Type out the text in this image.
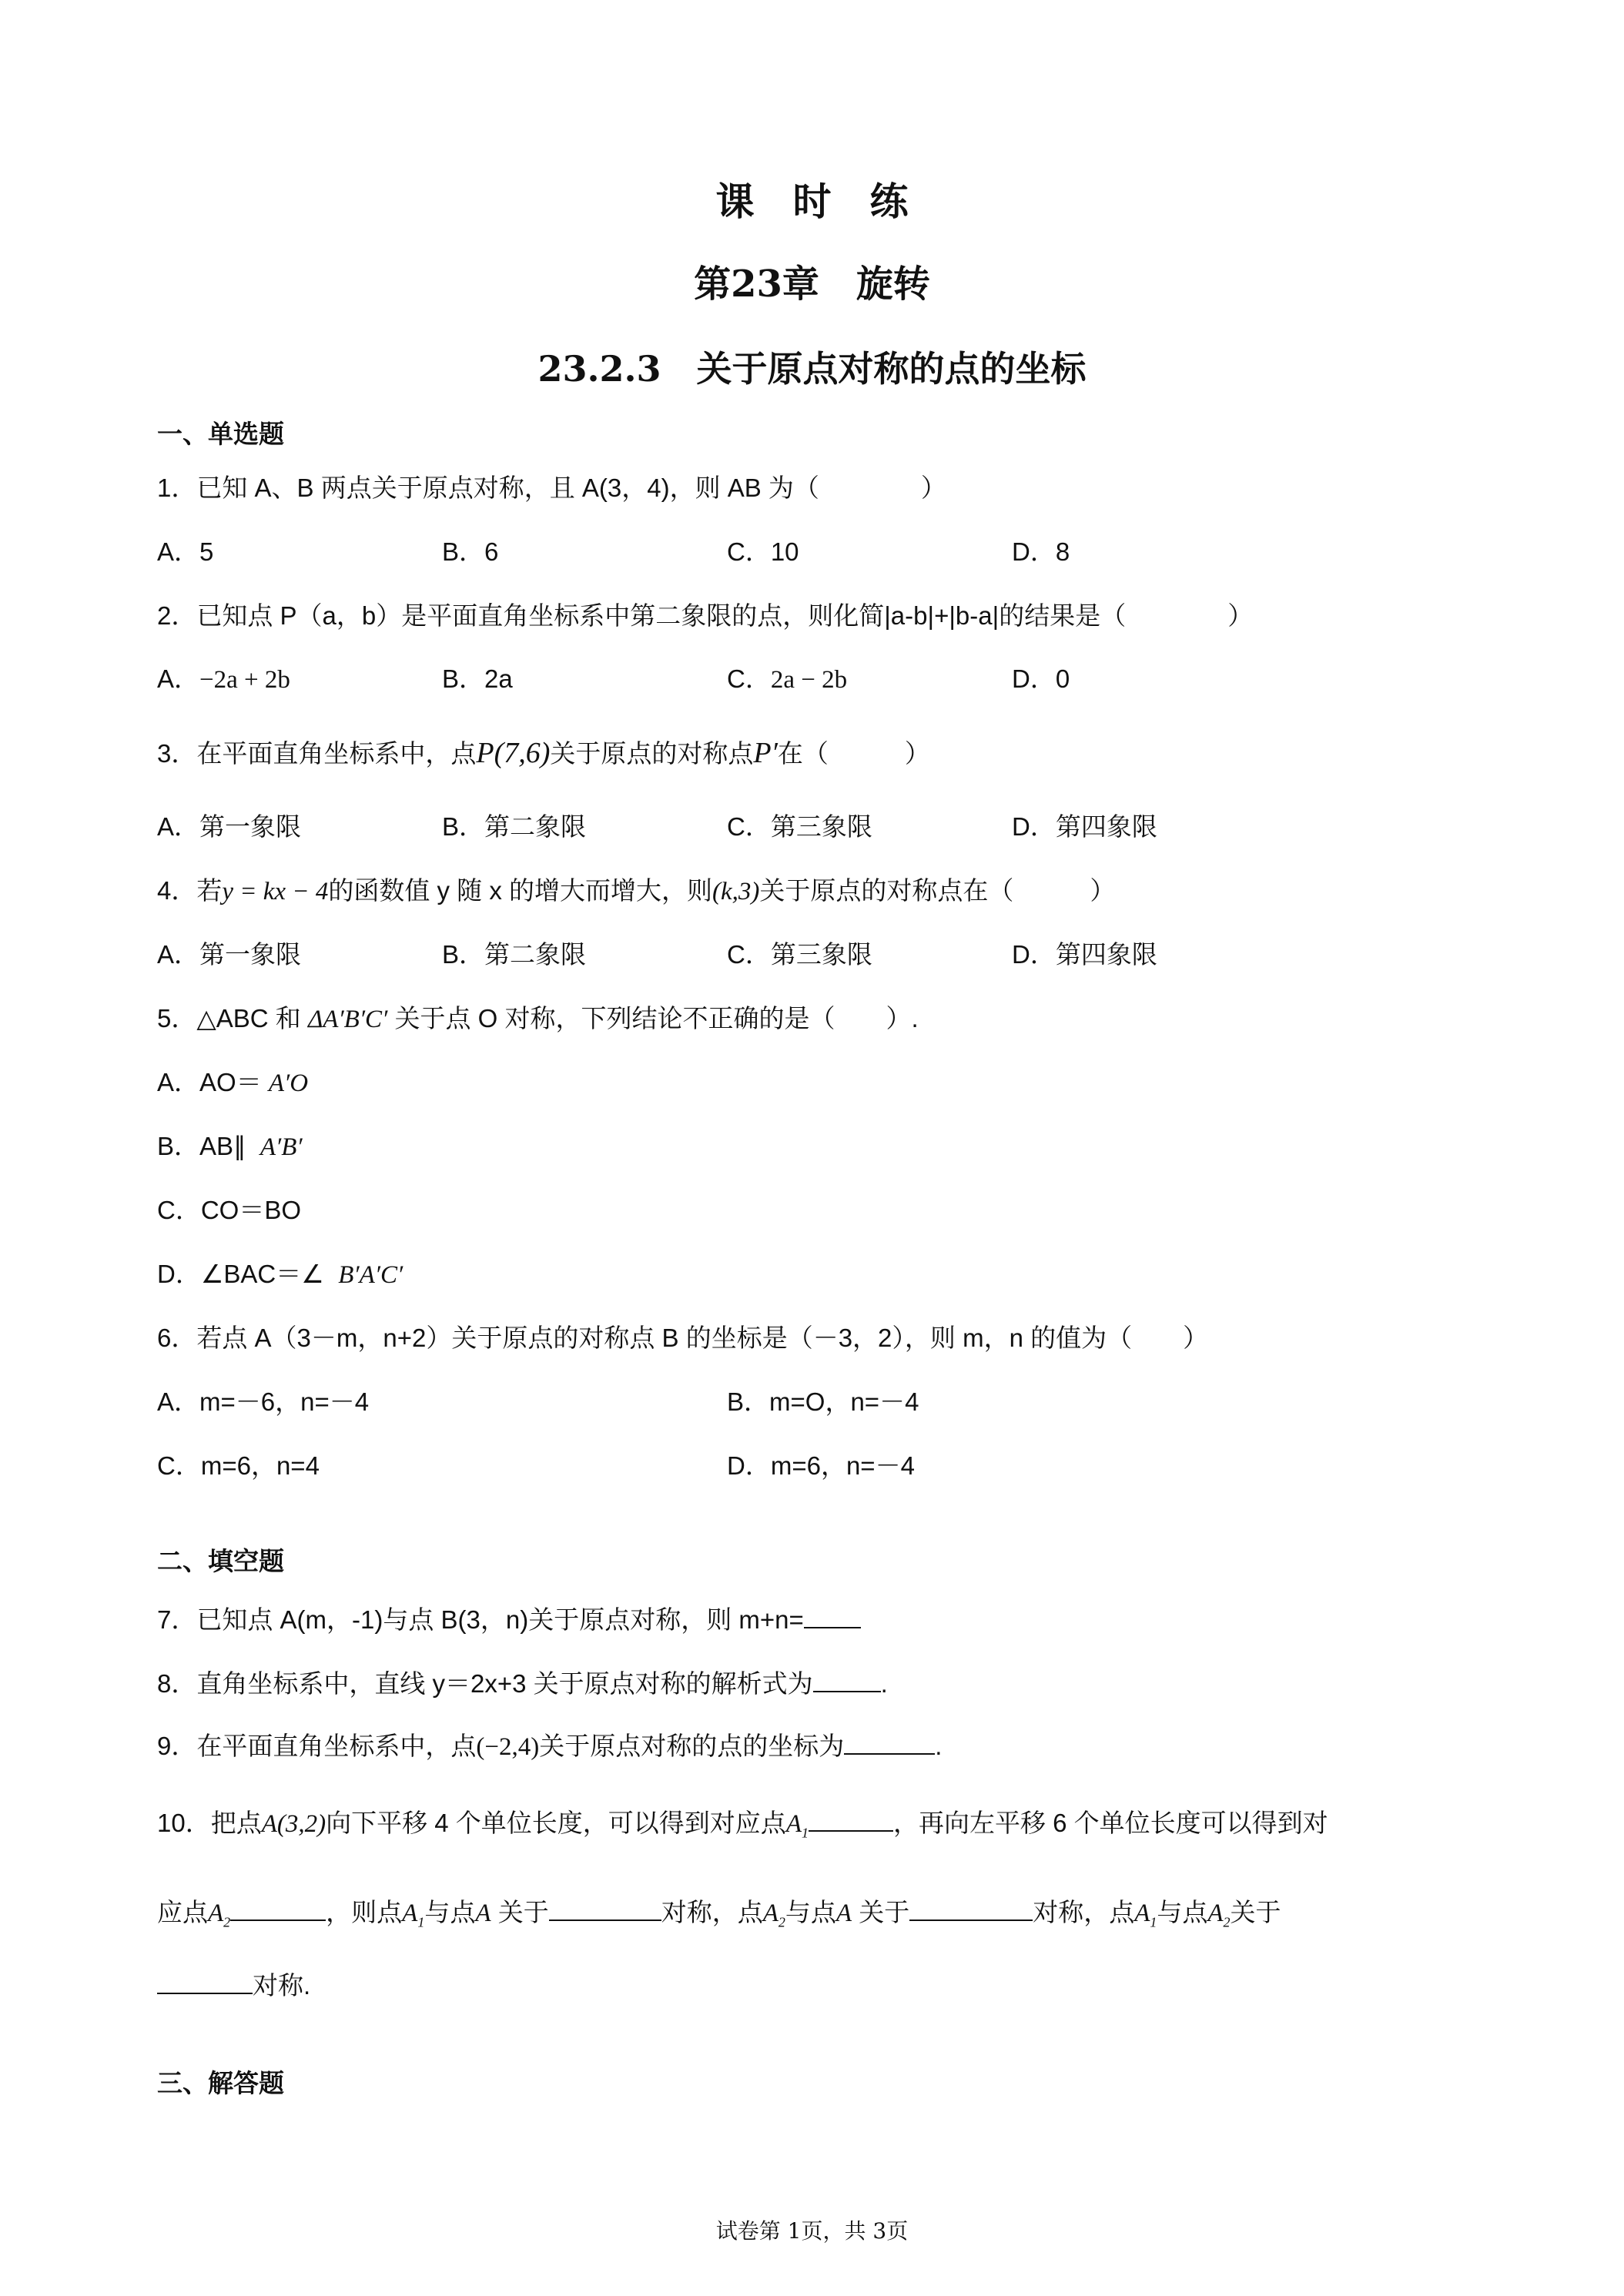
课　时　练
第23章　旋转
23.2.3　关于原点对称的点的坐标
一、单选题
1．已知 A、B 两点关于原点对称，且 A(3，4)，则 AB 为（　　　　）
A．5	B．6	C．10	D．8
2．已知点 P（a，b）是平面直角坐标系中第二象限的点，则化简|a-b|+|b-a|的结果是（　　　　）
A．−2a + 2b	B．2a	C．2a − 2b	D．0
3．在平面直角坐标系中，点P(7,6)关于原点的对称点P′在（　　　）
A．第一象限	B．第二象限	C．第三象限	D．第四象限
4．若y = kx − 4的函数值 y 随 x 的增大而增大，则(k,3)关于原点的对称点在（　　　）
A．第一象限	B．第二象限	C．第三象限	D．第四象限
5．△ABC 和 ΔA′B′C′ 关于点 O 对称，下列结论不正确的是（　　）.
A．AO＝ A′O
B．AB∥ A′B′
C．CO＝BO
D．∠BAC＝∠ B′A′C′
6．若点 A（3－m，n+2）关于原点的对称点 B 的坐标是（－3，2），则 m，n 的值为（　　）
A．m=－6，n=－4	B．m=O，n=－4
C．m=6，n=4	D．m=6，n=－4
二、填空题
7．已知点 A(m，-1)与点 B(3，n)关于原点对称，则 m+n=
8．直角坐标系中，直线 y＝2x+3 关于原点对称的解析式为	.
9．在平面直角坐标系中，点(−2,4)关于原点对称的点的坐标为	.
10．把点A(3,2)向下平移 4 个单位长度，可以得到对应点$A_1$	，再向左平移 6 个单位长度可以得到对
应点$A_2$	，则点$A_1$与点A 关于	对称，点$A_2$与点A 关于	对称，点$A_1$与点$A_2$关于
对称.
三、解答题
试卷第 1页，共 3页
